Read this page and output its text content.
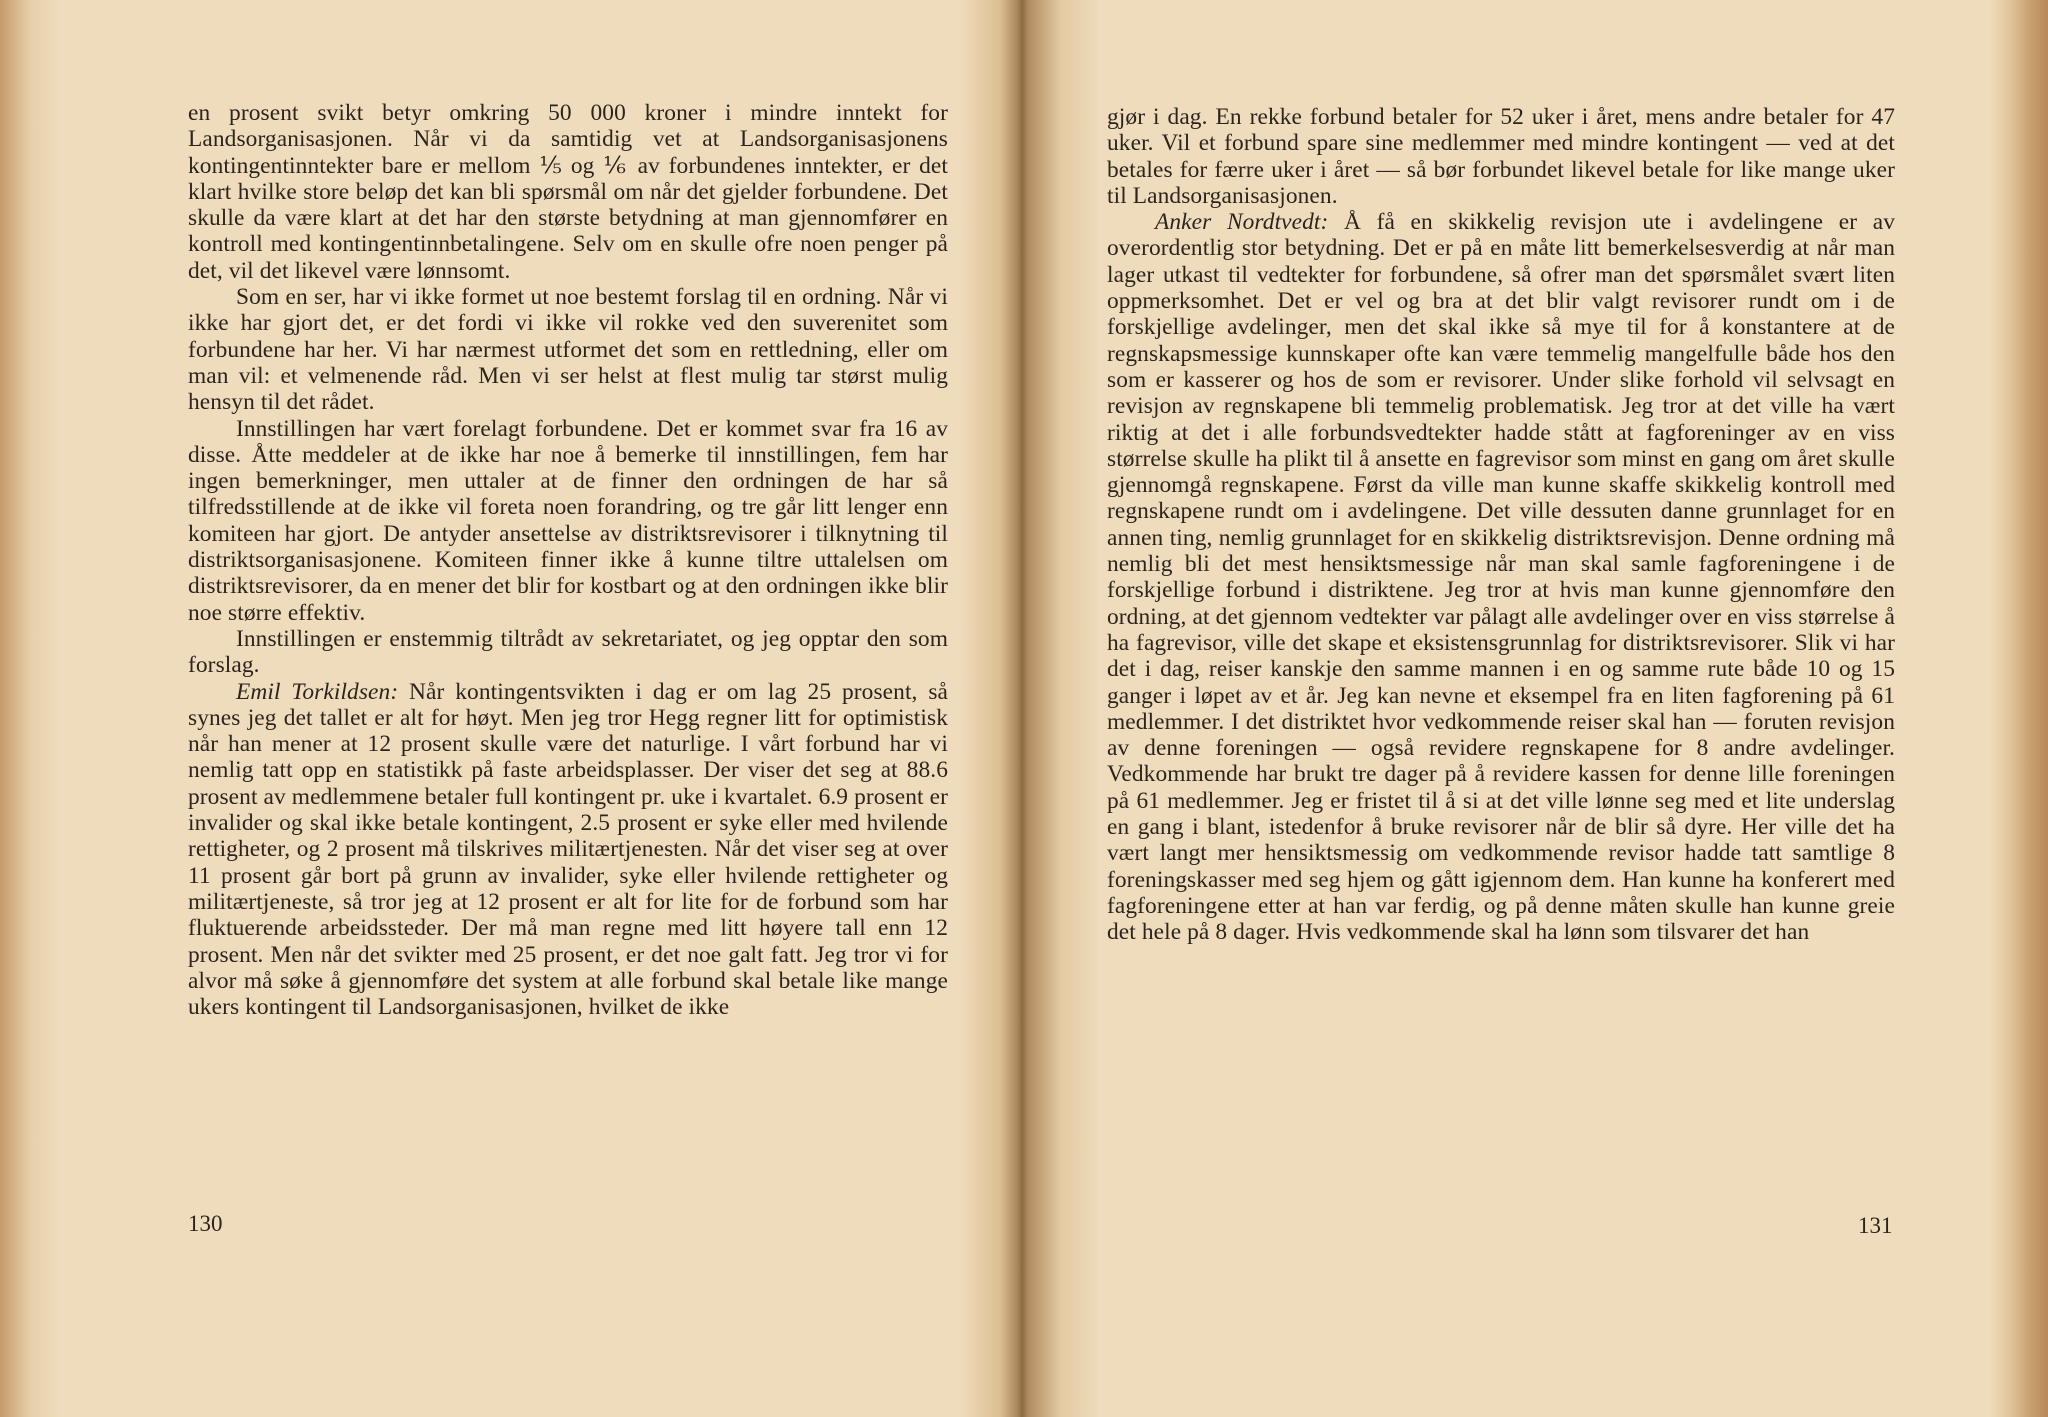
en prosent svikt betyr omkring 50 000 kroner i mindre inntekt for Landsorganisasjonen. Når vi da samtidig vet at Landsorganisasjonens kontingentinntekter bare er mellom ⅕ og ⅙ av forbundenes inntekter, er det klart hvilke store beløp det kan bli spørsmål om når det gjelder forbundene. Det skulle da være klart at det har den største betydning at man gjennomfører en kontroll med kontingentinnbetalingene. Selv om en skulle ofre noen penger på det, vil det likevel være lønnsomt.

Som en ser, har vi ikke formet ut noe bestemt forslag til en ordning. Når vi ikke har gjort det, er det fordi vi ikke vil rokke ved den suverenitet som forbundene har her. Vi har nærmest utformet det som en rettledning, eller om man vil: et velmenende råd. Men vi ser helst at flest mulig tar størst mulig hensyn til det rådet.

Innstillingen har vært forelagt forbundene. Det er kommet svar fra 16 av disse. Åtte meddeler at de ikke har noe å bemerke til innstillingen, fem har ingen bemerkninger, men uttaler at de finner den ordningen de har så tilfredsstillende at de ikke vil foreta noen forandring, og tre går litt lenger enn komiteen har gjort. De antyder ansettelse av distriktsrevisorer i tilknytning til distriktsorganisasjonene. Komiteen finner ikke å kunne tiltre uttalelsen om distriktsrevisorer, da en mener det blir for kostbart og at den ordningen ikke blir noe større effektiv.

Innstillingen er enstemmig tiltrådt av sekretariatet, og jeg opptar den som forslag.

Emil Torkildsen: Når kontingentsvikten i dag er om lag 25 prosent, så synes jeg det tallet er alt for høyt. Men jeg tror Hegg regner litt for optimistisk når han mener at 12 prosent skulle være det naturlige. I vårt forbund har vi nemlig tatt opp en statistikk på faste arbeidsplasser. Der viser det seg at 88.6 prosent av medlemmene betaler full kontingent pr. uke i kvartalet. 6.9 prosent er invalider og skal ikke betale kontingent, 2.5 prosent er syke eller med hvilende rettigheter, og 2 prosent må tilskrives militærtjenesten. Når det viser seg at over 11 prosent går bort på grunn av invalider, syke eller hvilende rettigheter og militærtjeneste, så tror jeg at 12 prosent er alt for lite for de forbund som har fluktuerende arbeidssteder. Der må man regne med litt høyere tall enn 12 prosent. Men når det svikter med 25 prosent, er det noe galt fatt. Jeg tror vi for alvor må søke å gjennomføre det system at alle forbund skal betale like mange ukers kontingent til Landsorganisasjonen, hvilket de ikke

130

gjør i dag. En rekke forbund betaler for 52 uker i året, mens andre betaler for 47 uker. Vil et forbund spare sine medlemmer med mindre kontingent — ved at det betales for færre uker i året — så bør forbundet likevel betale for like mange uker til Landsorganisasjonen.

Anker Nordtvedt: Å få en skikkelig revisjon ute i avdelingene er av overordentlig stor betydning. Det er på en måte litt bemerkelsesverdig at når man lager utkast til vedtekter for forbundene, så ofrer man det spørsmålet svært liten oppmerksomhet. Det er vel og bra at det blir valgt revisorer rundt om i de forskjellige avdelinger, men det skal ikke så mye til for å konstantere at de regnskapsmessige kunnskaper ofte kan være temmelig mangelfulle både hos den som er kasserer og hos de som er revisorer. Under slike forhold vil selvsagt en revisjon av regnskapene bli temmelig problematisk. Jeg tror at det ville ha vært riktig at det i alle forbundsvedtekter hadde stått at fagforeninger av en viss størrelse skulle ha plikt til å ansette en fagrevisor som minst en gang om året skulle gjennomgå regnskapene. Først da ville man kunne skaffe skikkelig kontroll med regnskapene rundt om i avdelingene. Det ville dessuten danne grunnlaget for en annen ting, nemlig grunnlaget for en skikkelig distriktsrevisjon. Denne ordning må nemlig bli det mest hensiktsmessige når man skal samle fagforeningene i de forskjellige forbund i distriktene. Jeg tror at hvis man kunne gjennomføre den ordning, at det gjennom vedtekter var pålagt alle avdelinger over en viss størrelse å ha fagrevisor, ville det skape et eksistensgrunnlag for distriktsrevisorer. Slik vi har det i dag, reiser kanskje den samme mannen i en og samme rute både 10 og 15 ganger i løpet av et år. Jeg kan nevne et eksempel fra en liten fagforening på 61 medlemmer. I det distriktet hvor vedkommende reiser skal han — foruten revisjon av denne foreningen — også revidere regnskapene for 8 andre avdelinger. Vedkommende har brukt tre dager på å revidere kassen for denne lille foreningen på 61 medlemmer. Jeg er fristet til å si at det ville lønne seg med et lite underslag en gang i blant, istedenfor å bruke revisorer når de blir så dyre. Her ville det ha vært langt mer hensiktsmessig om vedkommende revisor hadde tatt samtlige 8 foreningskasser med seg hjem og gått igjennom dem. Han kunne ha konferert med fagforeningene etter at han var ferdig, og på denne måten skulle han kunne greie det hele på 8 dager. Hvis vedkommende skal ha lønn som tilsvarer det han

131
